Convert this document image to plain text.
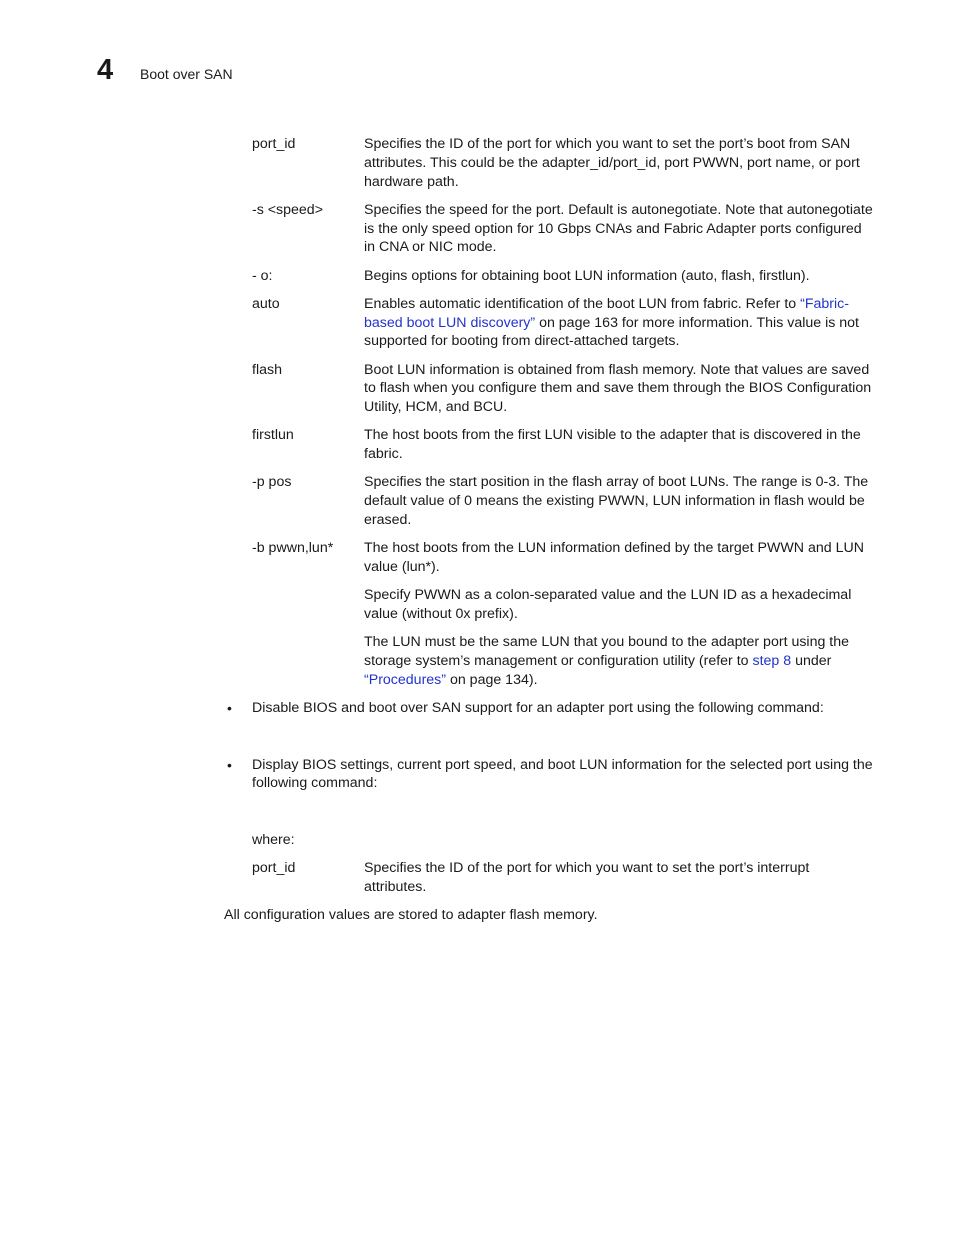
4 Boot over SAN
port_id	Specifies the ID of the port for which you want to set the port’s boot from SAN attributes. This could be the adapter_id/port_id, port PWWN, port name, or port hardware path.
-s <speed>	Specifies the speed for the port. Default is autonegotiate. Note that autonegotiate is the only speed option for 10 Gbps CNAs and Fabric Adapter ports configured in CNA or NIC mode.
- o:	Begins options for obtaining boot LUN information (auto, flash, firstlun).
auto	Enables automatic identification of the boot LUN from fabric. Refer to “Fabric-based boot LUN discovery” on page 163 for more information. This value is not supported for booting from direct-attached targets.
flash	Boot LUN information is obtained from flash memory. Note that values are saved to flash when you configure them and save them through the BIOS Configuration Utility, HCM, and BCU.
firstlun	The host boots from the first LUN visible to the adapter that is discovered in the fabric.
-p pos	Specifies the start position in the flash array of boot LUNs. The range is 0-3. The default value of 0 means the existing PWWN, LUN information in flash would be erased.
-b pwwn,lun*	The host boots from the LUN information defined by the target PWWN and LUN value (lun*).

Specify PWWN as a colon-separated value and the LUN ID as a hexadecimal value (without 0x prefix).

The LUN must be the same LUN that you bound to the adapter port using the storage system’s management or configuration utility (refer to step 8 under “Procedures” on page 134).

• Disable BIOS and boot over SAN support for an adapter port using the following command:
• Display BIOS settings, current port speed, and boot LUN information for the selected port using the following command:
where:
port_id	Specifies the ID of the port for which you want to set the port’s interrupt attributes.
All configuration values are stored to adapter flash memory.
